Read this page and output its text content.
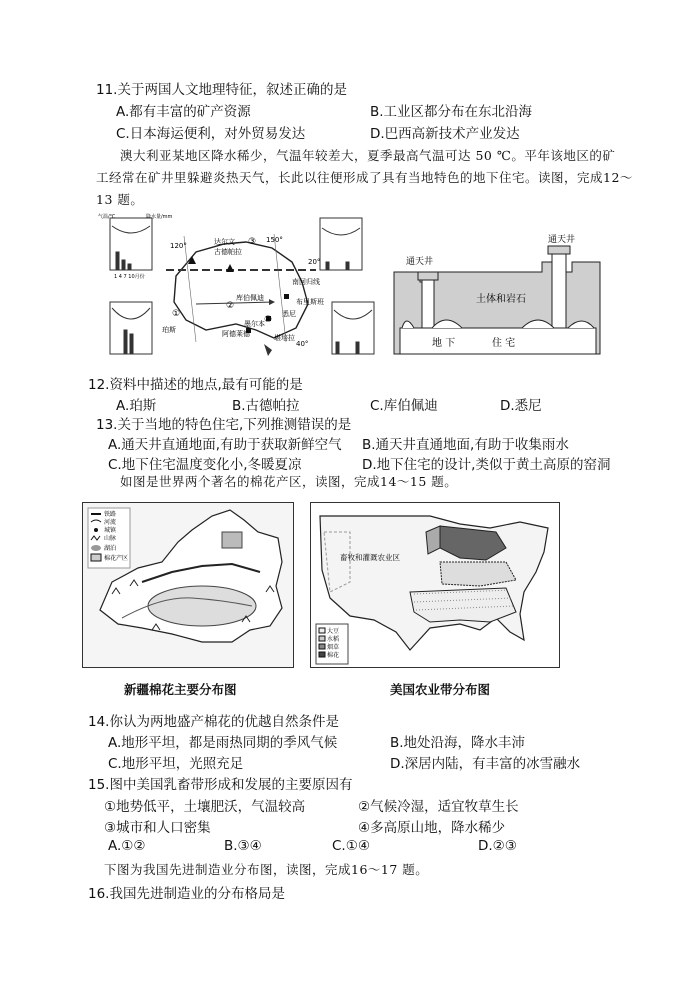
11.关于两国人文地理特征，叙述正确的是
A.都有丰富的矿产资源	B.工业区都分布在东北沿海
C.日本海运便利，对外贸易发达	D.巴西高新技术产业发达
澳大利亚某地区降水稀少，气温年较差大，夏季最高气温可达 50 ℃。平年该地区的矿
工经常在矿井里躲避炎热天气，长此以往便形成了具有当地特色的地下住宅。读图，完成12～
13 题。
达尔文
古德帕拉
③
120°
150°
20°
南回归线
库伯佩迪
②	布里斯班
④
悉尼
墨尔本
阿德莱德	堪培拉
①
珀斯
40°
气温/℃	降水量/mm
1 4 7 10月份
通天井
通天井
土体和岩石
地 下	住 宅
12.资料中描述的地点,最有可能的是
A.珀斯	B.古德帕拉	C.库伯佩迪	D.悉尼
13.关于当地的特色住宅,下列推测错误的是
A.通天井直通地面,有助于获取新鲜空气 B.通天井直通地面,有助于收集雨水
C.地下住宅温度变化小,冬暖夏凉	D.地下住宅的设计,类似于黄土高原的窑洞
如图是世界两个著名的棉花产区，读图，完成14～15 题。
铁路
河流
城镇
山脉
湖泊
棉花产区
新疆棉花主要分布图
畜牧和灌溉农业区
大豆
水稻
烟草
棉花
美国农业带分布图
14.你认为两地盛产棉花的优越自然条件是
A.地形平坦，都是雨热同期的季风气候	B.地处沿海，降水丰沛
C.地形平坦，光照充足	D.深居内陆，有丰富的冰雪融水
15.图中美国乳畜带形成和发展的主要原因有
①地势低平，土壤肥沃，气温较高	②气候冷湿，适宜牧草生长
③城市和人口密集	④多高原山地，降水稀少
A.①②	B.③④	C.①④	D.②③
下图为我国先进制造业分布图，读图，完成16～17 题。
16.我国先进制造业的分布格局是
